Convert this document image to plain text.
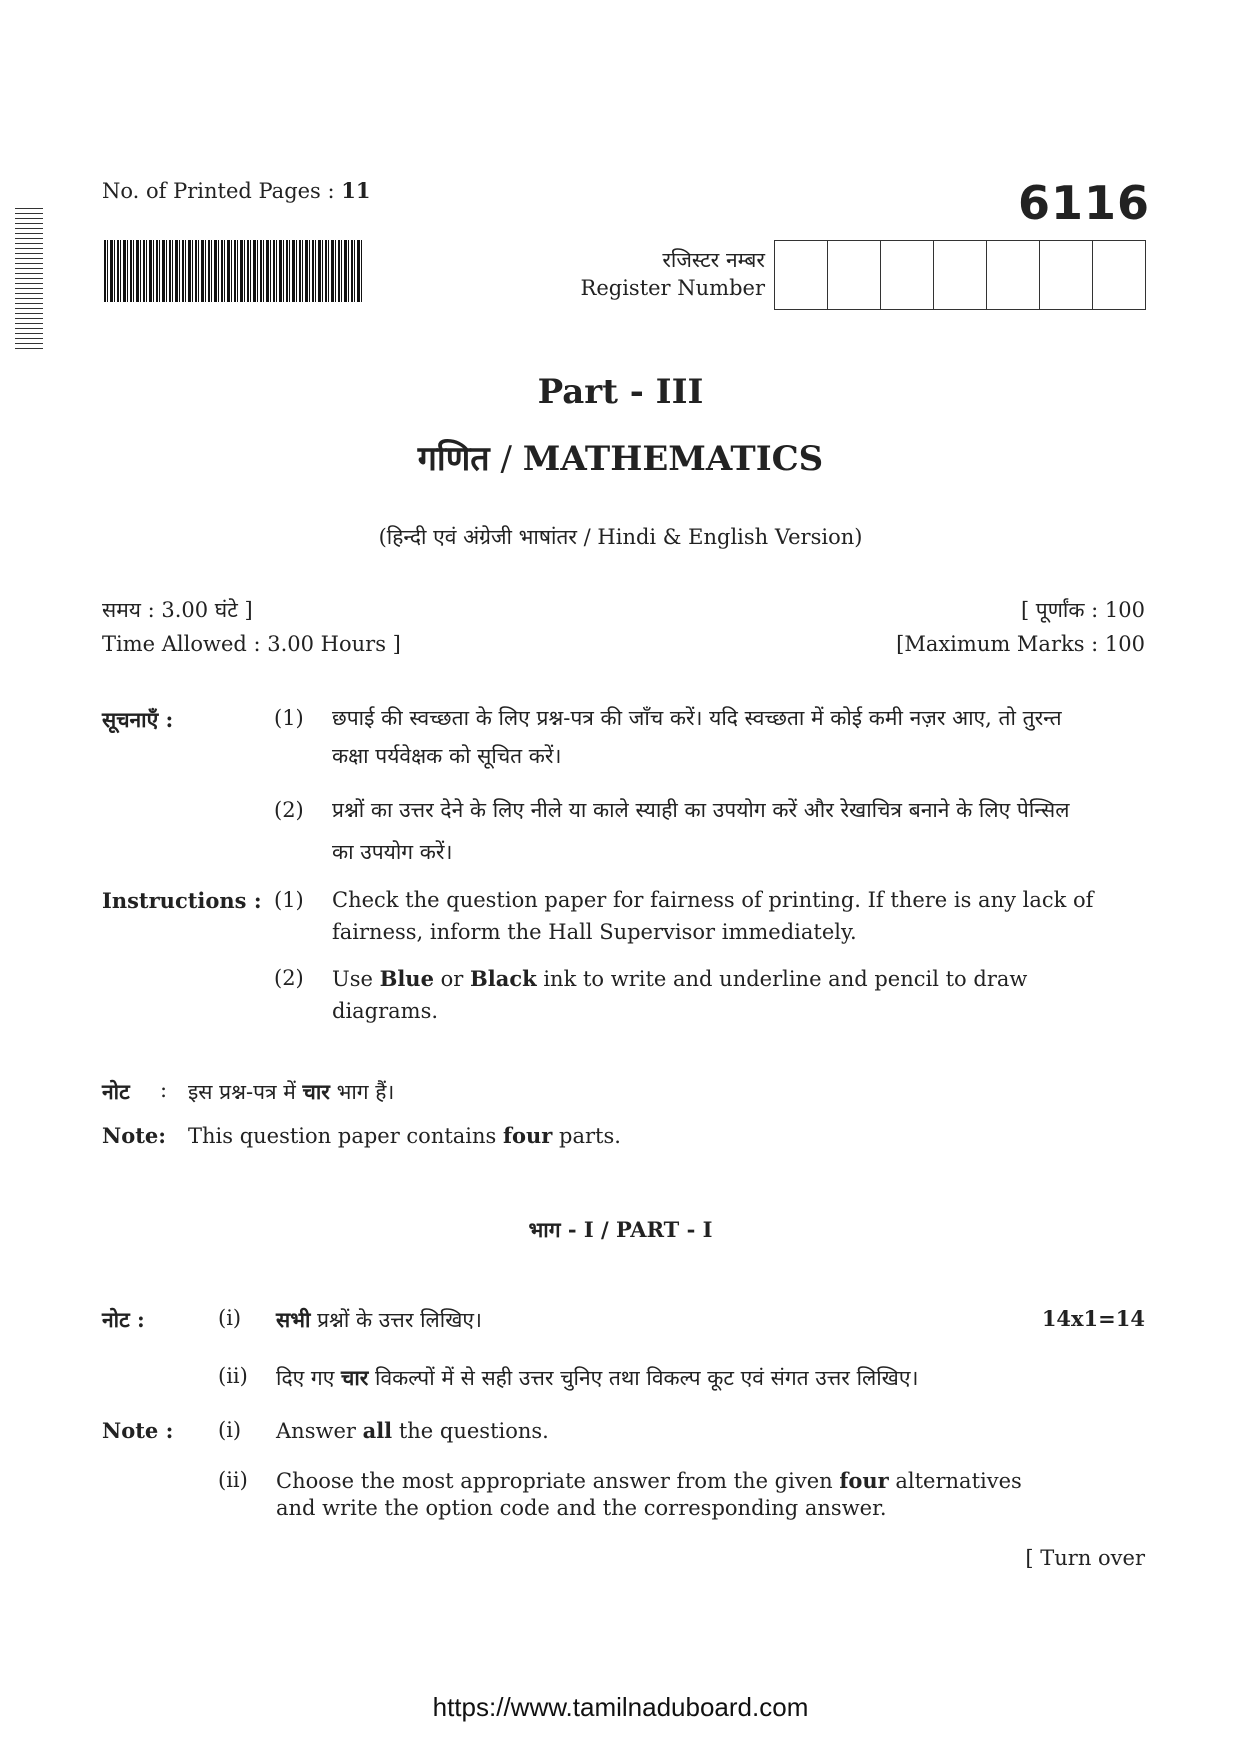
No. of Printed Pages : 11	6116
रजिस्टर नम्बर
Register Number
Part - III
गणित / MATHEMATICS
(हिन्दी एवं अंग्रेजी भाषांतर / Hindi & English Version)
समय : 3.00 घंटे ]
Time Allowed : 3.00 Hours ]
[ पूर्णांक : 100
[Maximum Marks : 100
सूचनाएँ :	(1) छपाई की स्वच्छता के लिए प्रश्न-पत्र की जाँच करें। यदि स्वच्छता में कोई कमी नज़र आए, तो तुरन्त
कक्षा पर्यवेक्षक को सूचित करें।
(2) प्रश्नों का उत्तर देने के लिए नीले या काले स्याही का उपयोग करें और रेखाचित्र बनाने के लिए पेन्सिल
का उपयोग करें।
Instructions : (1) Check the question paper for fairness of printing. If there is any lack of
fairness, inform the Hall Supervisor immediately.
(2) Use Blue or Black ink to write and underline and pencil to draw
diagrams.
नोट : इस प्रश्न-पत्र में चार भाग हैं।
Note: This question paper contains four parts.
भाग - I / PART - I
नोट :	(i) सभी प्रश्नों के उत्तर लिखिए।	14x1=14
(ii) दिए गए चार विकल्पों में से सही उत्तर चुनिए तथा विकल्प कूट एवं संगत उत्तर लिखिए।
Note : (i) Answer all the questions.
(ii) Choose the most appropriate answer from the given four alternatives
and write the option code and the corresponding answer.
[ Turn over
https://www.tamilnaduboard.com
